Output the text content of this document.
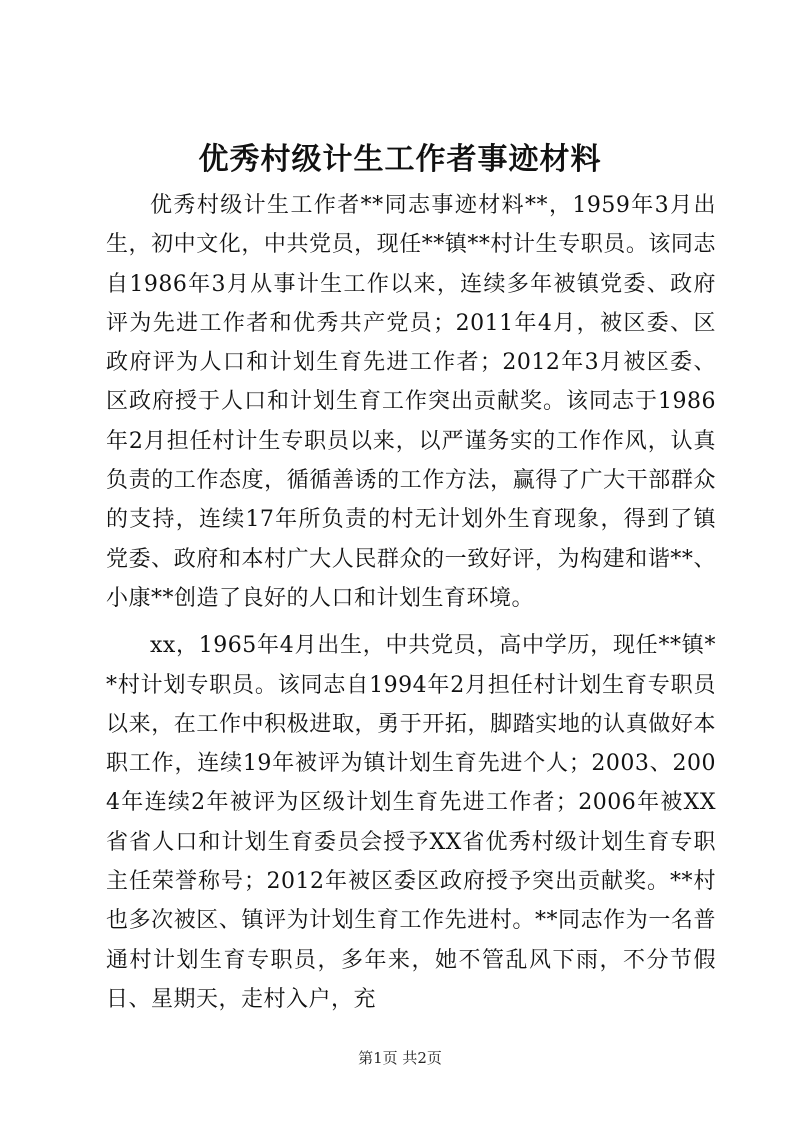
优秀村级计生工作者事迹材料

优秀村级计生工作者**同志事迹材料**，1959年3月出生，初中文化，中共党员，现任**镇**村计生专职员。该同志自1986年3月从事计生工作以来，连续多年被镇党委、政府评为先进工作者和优秀共产党员；2011年4月，被区委、区政府评为人口和计划生育先进工作者；2012年3月被区委、区政府授于人口和计划生育工作突出贡献奖。该同志于1986年2月担任村计生专职员以来，以严谨务实的工作作风，认真负责的工作态度，循循善诱的工作方法，赢得了广大干部群众的支持，连续17年所负责的村无计划外生育现象，得到了镇党委、政府和本村广大人民群众的一致好评，为构建和谐**、小康**创造了良好的人口和计划生育环境。

xx，1965年4月出生，中共党员，高中学历，现任**镇**村计划专职员。该同志自1994年2月担任村计划生育专职员以来，在工作中积极进取，勇于开拓，脚踏实地的认真做好本职工作，连续19年被评为镇计划生育先进个人；2003、2004年连续2年被评为区级计划生育先进工作者；2006年被XX省省人口和计划生育委员会授予XX省优秀村级计划生育专职主任荣誉称号；2012年被区委区政府授予突出贡献奖。**村也多次被区、镇评为计划生育工作先进村。**同志作为一名普通村计划生育专职员，多年来，她不管乱风下雨，不分节假日、星期天，走村入户，充

第1页 共2页
